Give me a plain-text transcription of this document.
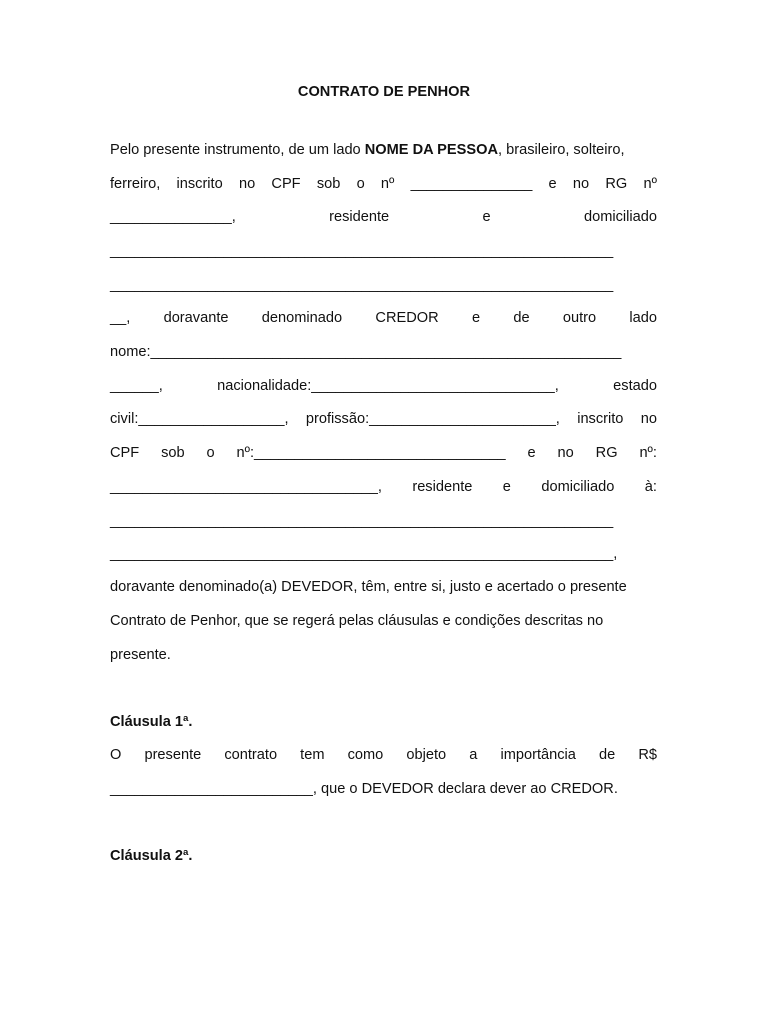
CONTRATO DE PENHOR
Pelo presente instrumento, de um lado NOME DA PESSOA, brasileiro, solteiro,
ferreiro, inscrito no CPF sob o nº _______________ e no RG nº
_______________,	residente	e	domiciliado
______________________________________________________________
______________________________________________________________
__, doravante denominado CREDOR e de outro lado
nome:__________________________________________________________
______,	nacionalidade:______________________________,	estado
civil:__________________, profissão:_______________________, inscrito no
CPF sob o nº:_______________________________ e no RG nº:
_________________________________, residente e domiciliado à:
______________________________________________________________
______________________________________________________________,
doravante denominado(a) DEVEDOR, têm, entre si, justo e acertado o presente
Contrato de Penhor, que se regerá pelas cláusulas e condições descritas no
presente.
Cláusula 1ª.
O presente contrato tem como objeto a importância de R$
_________________________, que o DEVEDOR declara dever ao CREDOR.
Cláusula 2ª.
